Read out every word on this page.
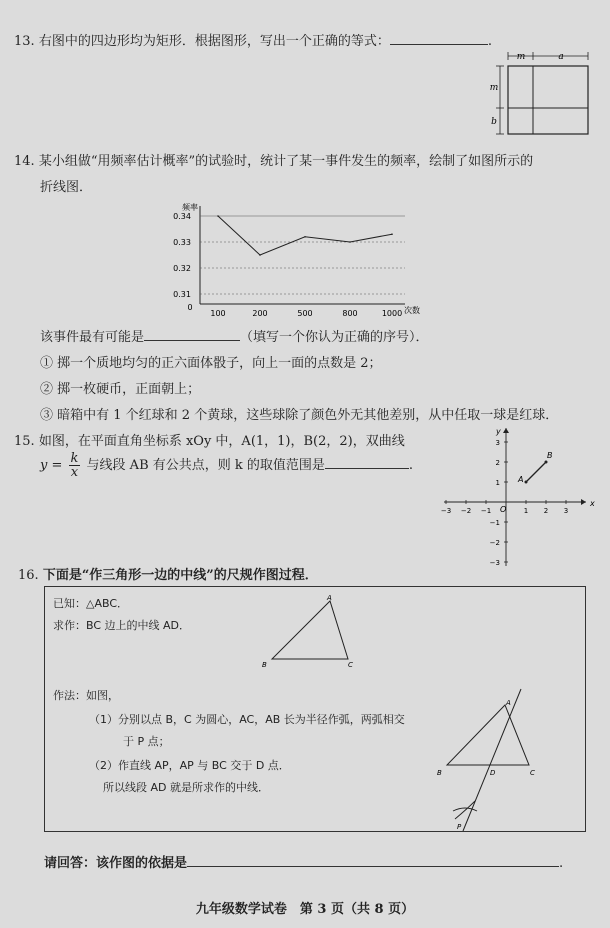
13. 右图中的四边形均为矩形．根据图形，写出一个正确的等式：	.
m	a
m
b
14. 某小组做“用频率估计概率”的试验时，统计了某一事件发生的频率，绘制了如图所示的
折线图．
频率
次数
0
0.34
0.33
0.32
0.31
100	200	500	800	1000
该事件最有可能是	（填写一个你认为正确的序号）．
① 掷一个质地均匀的正六面体骰子，向上一面的点数是 2；
② 掷一枚硬币，正面朝上；
③ 暗箱中有 1 个红球和 2 个黄球，这些球除了颜色外无其他差别，从中任取一球是红球．
15. 如图，在平面直角坐标系 xOy 中，A(1，1)，B(2，2)，双曲线
$y = \frac{k}{x}$ 与线段 AB 有公共点，则 k 的取值范围是	.
x
y
O
−3 −2 −1	1 2 3
3
2
1
−1
−2
−3
A
B
16. 下面是“作三角形一边的中线”的尺规作图过程．
已知：△ABC．
求作：BC 边上的中线 AD．
A
B	C
作法：如图，
（1）分别以点 B，C 为圆心，AC，AB 长为半径作弧，两弧相交
于 P 点；
（2）作直线 AP，AP 与 BC 交于 D 点．
所以线段 AD 就是所求作的中线．
A
B	C
D
P
请回答：该作图的依据是	.
九年级数学试卷　第 3 页（共 8 页）
